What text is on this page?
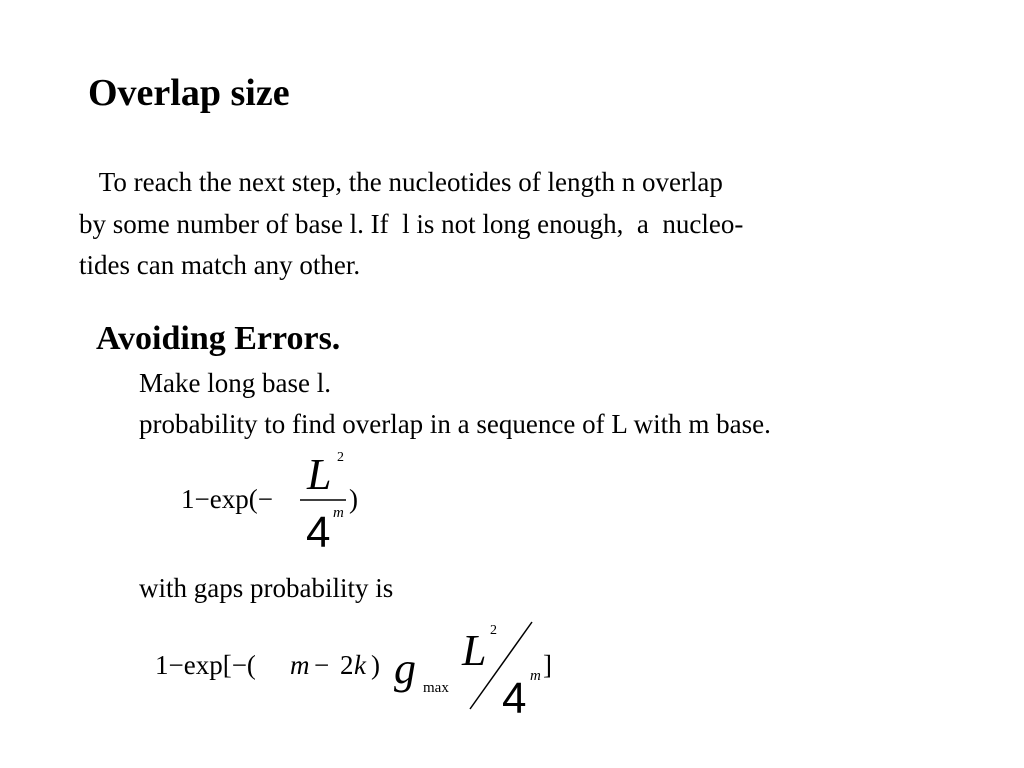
Overlap size
To reach the next step, the nucleotides of length n overlap
by some number of base l. If  l is not long enough,  a  nucleo-
tides can match any other.
Avoiding Errors.
Make long base l.
probability to find overlap in a sequence of L with m base.
1−exp(− L 2
4 m )
with gaps probability is
1−exp[−( m − 2 k ) g max
L 2
4 m ]
